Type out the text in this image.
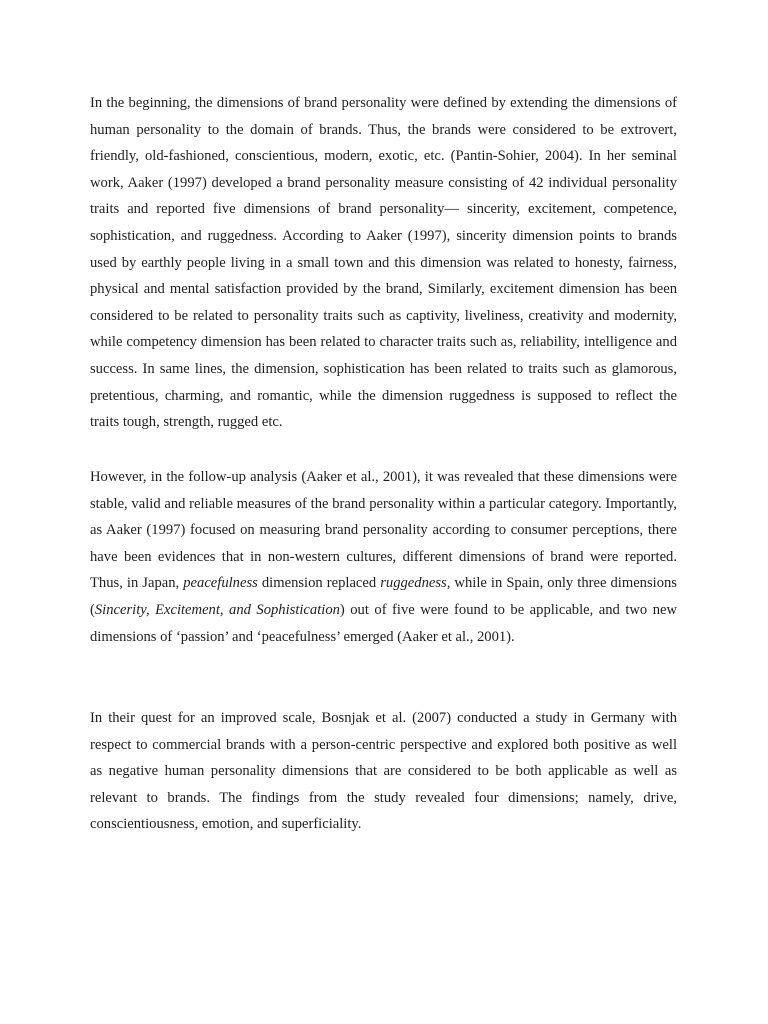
In the beginning, the dimensions of brand personality were defined by extending the dimensions of human personality to the domain of brands. Thus, the brands were considered to be extrovert, friendly, old-fashioned, conscientious, modern, exotic, etc. (Pantin-Sohier, 2004). In her seminal work, Aaker (1997) developed a brand personality measure consisting of 42 individual personality traits and reported five dimensions of brand personality— sincerity, excitement, competence, sophistication, and ruggedness. According to Aaker (1997), sincerity dimension points to brands used by earthly people living in a small town and this dimension was related to honesty, fairness, physical and mental satisfaction provided by the brand, Similarly, excitement dimension has been considered to be related to personality traits such as captivity, liveliness, creativity and modernity, while competency dimension has been related to character traits such as, reliability, intelligence and success. In same lines, the dimension, sophistication has been related to traits such as glamorous, pretentious, charming, and romantic, while the dimension ruggedness is supposed to reflect the traits tough, strength, rugged etc.

However, in the follow-up analysis (Aaker et al., 2001), it was revealed that these dimensions were stable, valid and reliable measures of the brand personality within a particular category. Importantly, as Aaker (1997) focused on measuring brand personality according to consumer perceptions, there have been evidences that in non-western cultures, different dimensions of brand were reported. Thus, in Japan, peacefulness dimension replaced ruggedness, while in Spain, only three dimensions (Sincerity, Excitement, and Sophistication) out of five were found to be applicable, and two new dimensions of ‘passion’ and ‘peacefulness’ emerged (Aaker et al., 2001).

In their quest for an improved scale, Bosnjak et al. (2007) conducted a study in Germany with respect to commercial brands with a person-centric perspective and explored both positive as well as negative human personality dimensions that are considered to be both applicable as well as relevant to brands. The findings from the study revealed four dimensions; namely, drive, conscientiousness, emotion, and superficiality.
